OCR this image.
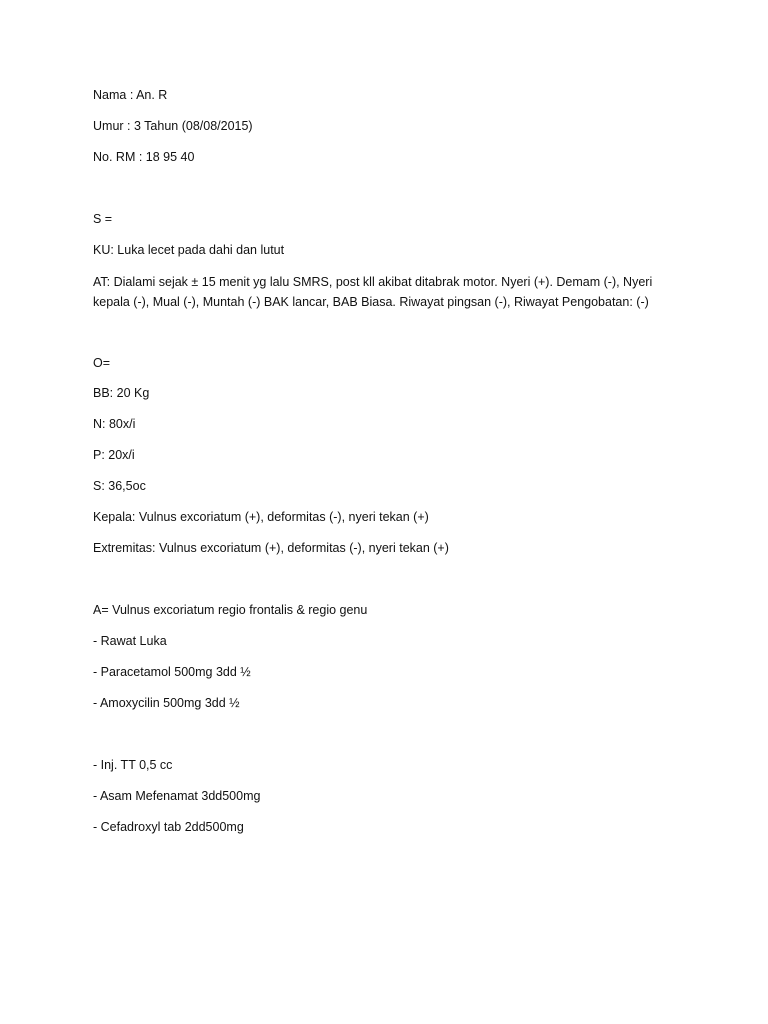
Nama : An. R
Umur : 3 Tahun (08/08/2015)
No. RM : 18 95 40
S =
KU: Luka lecet pada dahi dan lutut
AT: Dialami sejak ± 15 menit yg lalu SMRS, post kll akibat ditabrak motor. Nyeri (+). Demam (-), Nyeri kepala (-), Mual (-), Muntah (-) BAK lancar, BAB Biasa. Riwayat pingsan (-), Riwayat Pengobatan: (-)
O=
BB: 20 Kg
N: 80x/i
P: 20x/i
S: 36,5oc
Kepala: Vulnus excoriatum (+), deformitas (-), nyeri tekan (+)
Extremitas: Vulnus excoriatum (+), deformitas (-), nyeri tekan (+)
A= Vulnus excoriatum regio frontalis & regio genu
- Rawat Luka
- Paracetamol 500mg 3dd ½
- Amoxycilin 500mg 3dd ½
- Inj. TT 0,5 cc
- Asam Mefenamat 3dd500mg
- Cefadroxyl tab 2dd500mg
